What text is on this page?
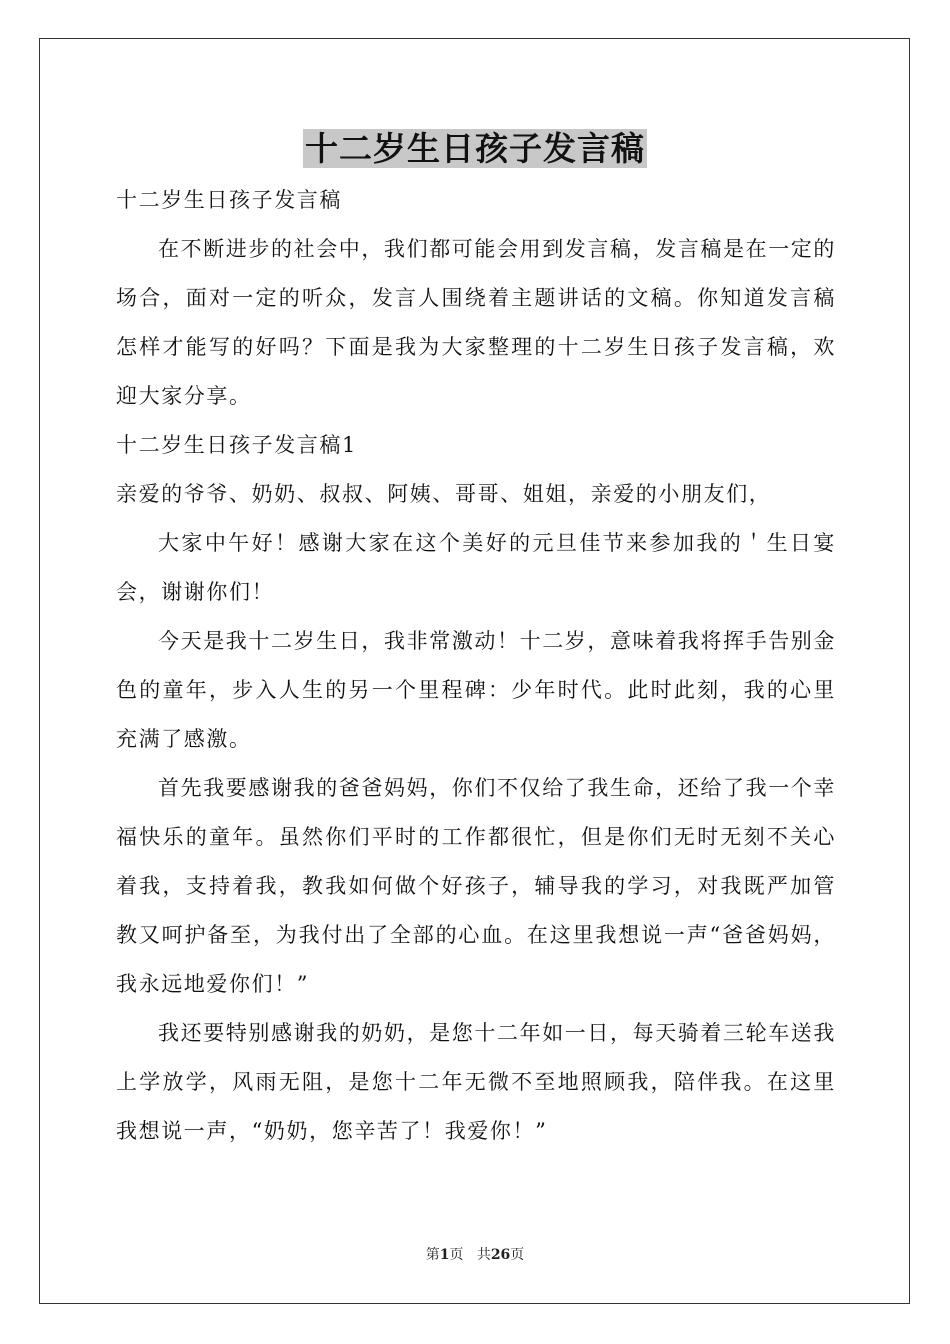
十二岁生日孩子发言稿

十二岁生日孩子发言稿

在不断进步的社会中，我们都可能会用到发言稿，发言稿是在一定的场合，面对一定的听众，发言人围绕着主题讲话的文稿。你知道发言稿怎样才能写的好吗？下面是我为大家整理的十二岁生日孩子发言稿，欢迎大家分享。

十二岁生日孩子发言稿1

亲爱的爷爷、奶奶、叔叔、阿姨、哥哥、姐姐，亲爱的小朋友们，

大家中午好！感谢大家在这个美好的元旦佳节来参加我的＇生日宴会，谢谢你们！

今天是我十二岁生日，我非常激动！十二岁，意味着我将挥手告别金色的童年，步入人生的另一个里程碑：少年时代。此时此刻，我的心里充满了感激。

首先我要感谢我的爸爸妈妈，你们不仅给了我生命，还给了我一个幸福快乐的童年。虽然你们平时的工作都很忙，但是你们无时无刻不关心着我，支持着我，教我如何做个好孩子，辅导我的学习，对我既严加管教又呵护备至，为我付出了全部的心血。在这里我想说一声“爸爸妈妈，我永远地爱你们！”

我还要特别感谢我的奶奶，是您十二年如一日，每天骑着三轮车送我上学放学，风雨无阻，是您十二年无微不至地照顾我，陪伴我。在这里我想说一声，“奶奶，您辛苦了！我爱你！”

第1页 共26页
